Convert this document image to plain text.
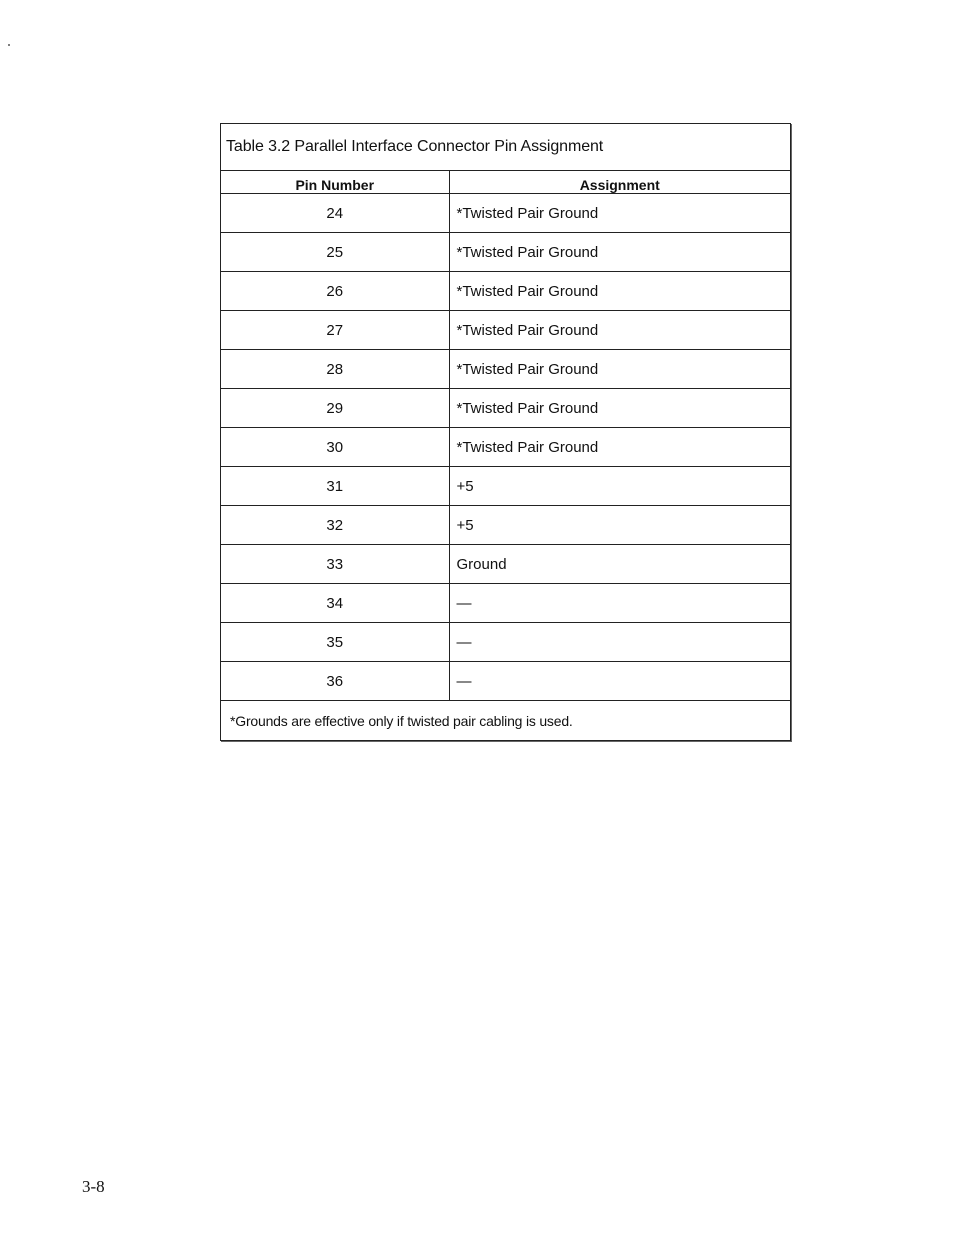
Table 3.2 Parallel Interface Connector Pin Assignment
Pin Number	Assignment
24	*Twisted Pair Ground
25	*Twisted Pair Ground
26	*Twisted Pair Ground
27	*Twisted Pair Ground
28	*Twisted Pair Ground
29	*Twisted Pair Ground
30	*Twisted Pair Ground
31	+5
32	+5
33	Ground
34	—
35	—
36	—
*Grounds are effective only if twisted pair cabling is used.
3-8
